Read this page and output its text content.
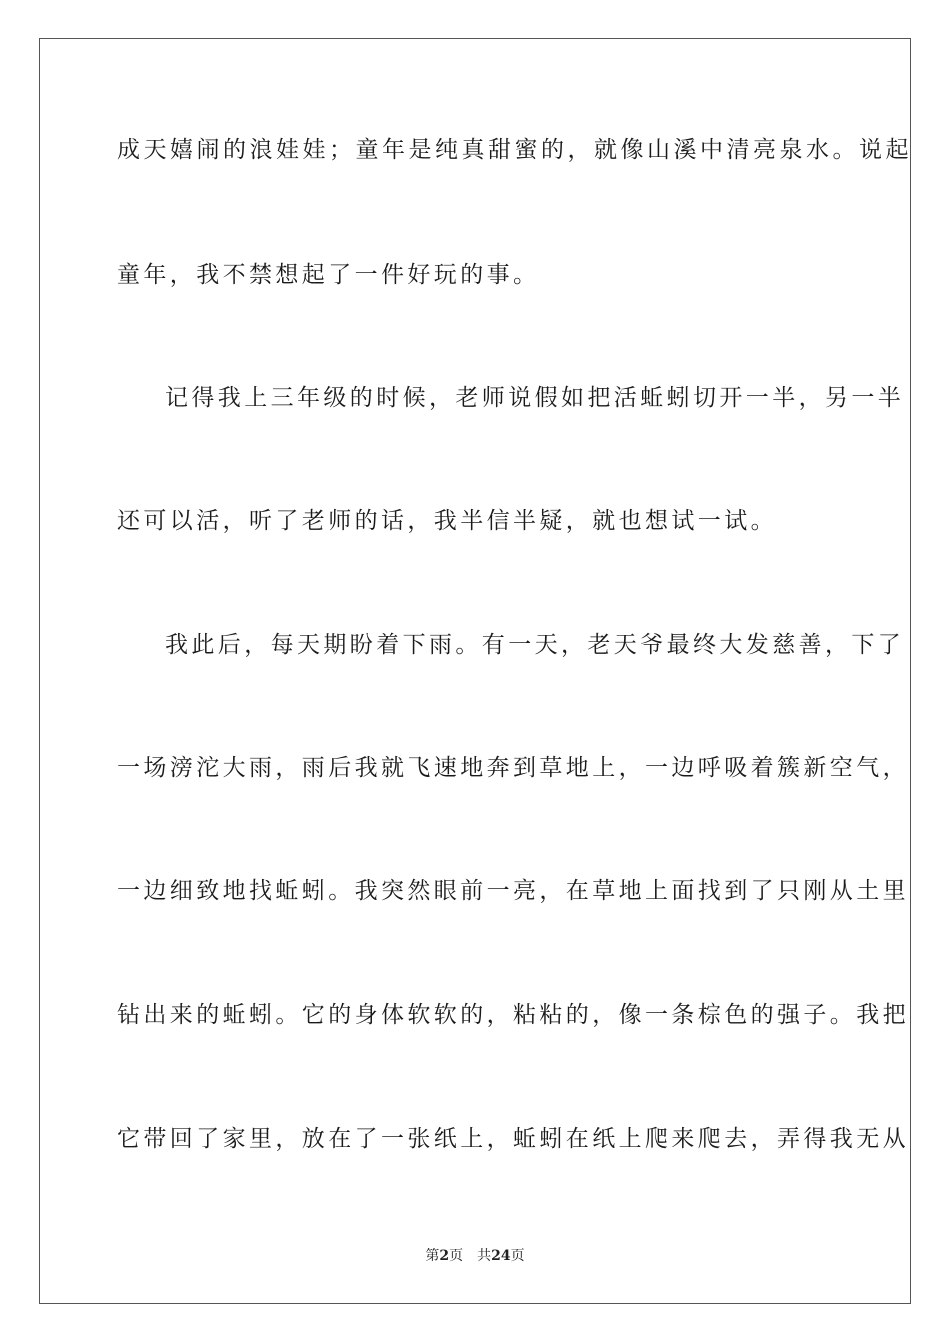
成天嬉闹的浪娃娃；童年是纯真甜蜜的，就像山溪中清亮泉水。说起
童年，我不禁想起了一件好玩的事。
记得我上三年级的时候，老师说假如把活蚯蚓切开一半，另一半
还可以活，听了老师的话，我半信半疑，就也想试一试。
我此后，每天期盼着下雨。有一天，老天爷最终大发慈善，下了
一场滂沱大雨，雨后我就飞速地奔到草地上，一边呼吸着簇新空气，
一边细致地找蚯蚓。我突然眼前一亮，在草地上面找到了只刚从土里
钻出来的蚯蚓。它的身体软软的，粘粘的，像一条棕色的强子。我把
它带回了家里，放在了一张纸上，蚯蚓在纸上爬来爬去，弄得我无从
第2页 共24页
